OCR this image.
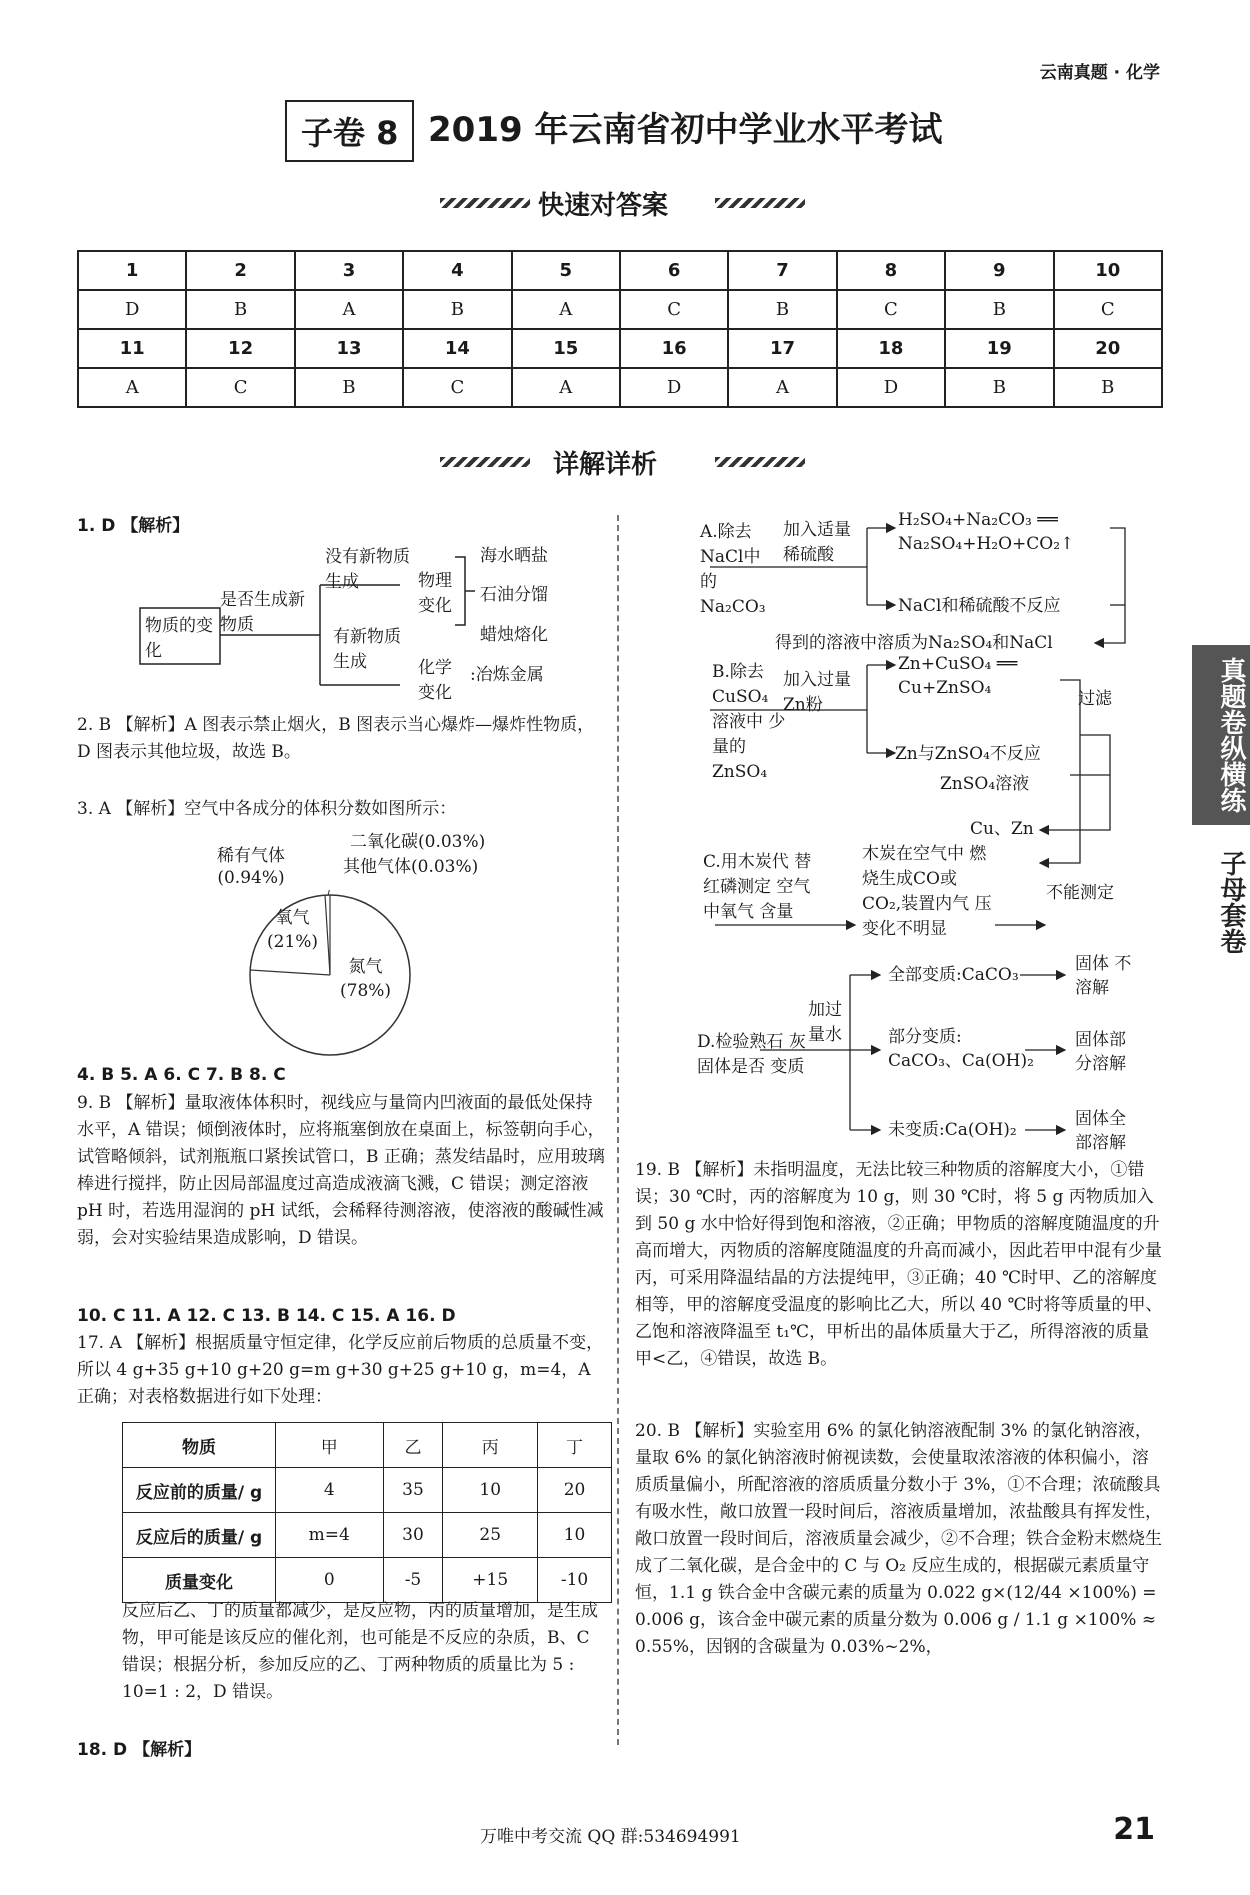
云南真题 · 化学
子卷 8 2019 年云南省初中学业水平考试
快速对答案
1	2	3	4	5	6	7	8	9	10
D	B	A	B	A	C	B	C	B	C
11	12	13	14	15	16	17	18	19	20
A	C	B	C	A	D	A	D	B	B
详解详析
1. D 【解析】
物质的变化
是否生成新物质
没有新物质生成
有新物质生成
物理变化
化学变化
海水晒盐
石油分馏
蜡烛熔化
:冶炼金属
2. B 【解析】A 图表示禁止烟火，B 图表示当心爆炸—爆炸性物质，D 图表示其他垃圾，故选 B。
3. A 【解析】空气中各成分的体积分数如图所示：
稀有气体
(0.94%)
二氧化碳(0.03%)
其他气体(0.03%)
氧气
(21%)
氮气
(78%)
4. B 5. A 6. C 7. B 8. C
9. B 【解析】量取液体体积时，视线应与量筒内凹液面的最低处保持水平，A 错误；倾倒液体时，应将瓶塞倒放在桌面上，标签朝向手心，试管略倾斜，试剂瓶瓶口紧挨试管口，B 正确；蒸发结晶时，应用玻璃棒进行搅拌，防止因局部温度过高造成液滴飞溅，C 错误；测定溶液 pH 时，若选用湿润的 pH 试纸，会稀释待测溶液，使溶液的酸碱性减弱，会对实验结果造成影响，D 错误。
10. C 11. A 12. C 13. B 14. C 15. A 16. D
17. A 【解析】根据质量守恒定律，化学反应前后物质的总质量不变，所以 4 g+35 g+10 g+20 g=m g+30 g+25 g+10 g，m=4，A 正确；对表格数据进行如下处理：
物质	甲	乙	丙	丁
反应前的质量/ g	4	35	10	20
反应后的质量/ g	m=4	30	25	10
质量变化	0	-5	+15	-10
反应后乙、丁的质量都减少，是反应物，丙的质量增加，是生成物，甲可能是该反应的催化剂，也可能是不反应的杂质，B、C 错误；根据分析，参加反应的乙、丁两种物质的质量比为 5 : 10=1 : 2，D 错误。
18. D 【解析】
A.除去 NaCl中 的Na₂CO₃
加入适量 稀硫酸
H₂SO₄+Na₂CO₃ ══
Na₂SO₄+H₂O+CO₂↑
NaCl和稀硫酸不反应
得到的溶液中溶质为Na₂SO₄和NaCl
B.除去 CuSO₄ 溶液中 少量的 ZnSO₄
加入过量 Zn粉
Zn+CuSO₄ ══
Cu+ZnSO₄
过滤
Zn与ZnSO₄不反应
ZnSO₄溶液
Cu、Zn
C.用木炭代 替红磷测定 空气中氧气 含量
木炭在空气中 燃烧生成CO或 CO₂,装置内气 压变化不明显
不能测定
D.检验熟石 灰固体是否 变质
加过 量水
全部变质:CaCO₃
固体 不溶解
部分变质: CaCO₃、Ca(OH)₂
固体部 分溶解
未变质:Ca(OH)₂
固体全 部溶解
19. B 【解析】未指明温度，无法比较三种物质的溶解度大小，①错误；30 ℃时，丙的溶解度为 10 g，则 30 ℃时，将 5 g 丙物质加入到 50 g 水中恰好得到饱和溶液，②正确；甲物质的溶解度随温度的升高而增大，丙物质的溶解度随温度的升高而减小，因此若甲中混有少量丙，可采用降温结晶的方法提纯甲，③正确；40 ℃时甲、乙的溶解度相等，甲的溶解度受温度的影响比乙大，所以 40 ℃时将等质量的甲、乙饱和溶液降温至 t₁℃，甲析出的晶体质量大于乙，所得溶液的质量甲<乙，④错误，故选 B。
20. B 【解析】实验室用 6% 的氯化钠溶液配制 3% 的氯化钠溶液，量取 6% 的氯化钠溶液时俯视读数，会使量取浓溶液的体积偏小，溶质质量偏小，所配溶液的溶质质量分数小于 3%，①不合理；浓硫酸具有吸水性，敞口放置一段时间后，溶液质量增加，浓盐酸具有挥发性，敞口放置一段时间后，溶液质量会减少，②不合理；铁合金粉末燃烧生成了二氧化碳，是合金中的 C 与 O₂ 反应生成的，根据碳元素质量守恒，1.1 g 铁合金中含碳元素的质量为 0.022 g×(12/44 ×100%) = 0.006 g，该合金中碳元素的质量分数为 0.006 g / 1.1 g ×100% ≈ 0.55%，因钢的含碳量为 0.03%~2%，
真题卷纵横练
子母套卷
万唯中考交流 QQ 群:534694991	21
